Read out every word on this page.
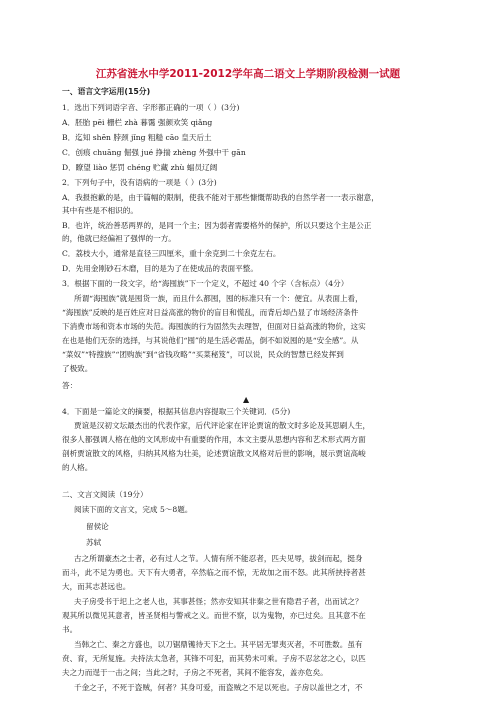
江苏省涟水中学2011-2012学年高二语文上学期阶段检测一试题
一、语言文字运用(15分)
1．选出下列词语字音、字形都正确的一项（ ）(3分)
A．胚胎 pēi 栅栏 zhà 暮霭 强颜欢笑 qiǎng
B．迄知 shēn 脖颈 jǐng 粗糙 cāo 皇天后土
C．创痕 chuāng 倔强 jué 挣揣 zhèng 外强中干 gān
D．瞭望 liào 惩罚 chéng 贮藏 zhù 蝠员辽阔
2．下列句子中，没有语病的一项是（ ）(3分)
A．我报抱歉的是，由于篇幅的限制，使我不能对于那些慷慨帮助我的自然学者一一表示谢意，
其中有些是不相识的。
B．也许，统治善恶两界的，是同一个主；因为弱者需要格外的保护，所以只要这个主是公正
的，他就已经偏袒了强悍的一方。
C．荔枝大小，通常是直径三四厘米，重十余克到二十余克左右。
D．先用金刚砂石木磨，目的是为了在使成品的表面平整。
3．根据下面的一段文字，给“海囤族”下一个定义，不超过 40 个字（含标点）（4分）
所谓“海囤族”就是囤货一族，而且什么都囤，囤的标准只有一个：便宜。从表面上看，
“海囤族”反映的是百姓应对日益高涨的物价的盲目和慌乱，而背后却凸显了市场经济条件
下消费市场和资本市场的失范。海囤族的行为固然失去理智，但面对日益高涨的物价，这实
在也是他们无奈的选择，与其说他们“囤”的是生活必需品，倒不如说囤的是“安全感”。从
“菜奴”“特搜族”“团购族”到“省钱攻略”“买菜秘笈”，可以说，民众的智慧已经发挥到
了极致。
答：
▲
4．下面是一篇论文的摘要，根据其信息内容提取三个关键词．(5分)
贾谊是汉初文坛最杰出的代表作家，后代评论家在评论贾谊的散文时多论及其思刷人生，
很多人都强调人格在他的文风形成中有重要的作用，本文主要从思想内容和艺术形式两方面
剖析贾谊散文的风格，归纳其风格为壮美，论述贾谊散文风格对后世的影响，展示贾谊高峻
的人格。
二、文言文阅读（19分）
阅读下面的文言文，完成 5～8题。
留侯论
苏轼
古之所谓豪杰之士者，必有过人之节。人情有所不能忍者，匹夫见辱，拔剑而起，挺身
而斗，此不足为勇也。天下有大勇者，卒然临之而不惊，无故加之而不怒。此其所挟持者甚
大，而其志甚远也。
夫子房受书于圯上之老人也，其事甚怪；然亦安知其非秦之世有隐君子者，出而试之？
观其所以微见其意者，皆圣贤相与警戒之义。而世不察，以为鬼物，亦已过矣。且其意不在
书。
当韩之亡、秦之方盛也，以刀锯鼎镬待天下之士。其平居无罪夷灭者，不可胜数。虽有
贲、育，无所复施。夫持法太急者，其锋不可犯，而其势未可乘。子房不忍忿忿之心，以匹
夫之力而逞于一击之间；当此之时，子房之不死者，其间不能容发，盖亦危矣。
千金之子，不死于盗贼，何者？其身可爱，而盗贼之不足以死也。子房以盖世之才，不
